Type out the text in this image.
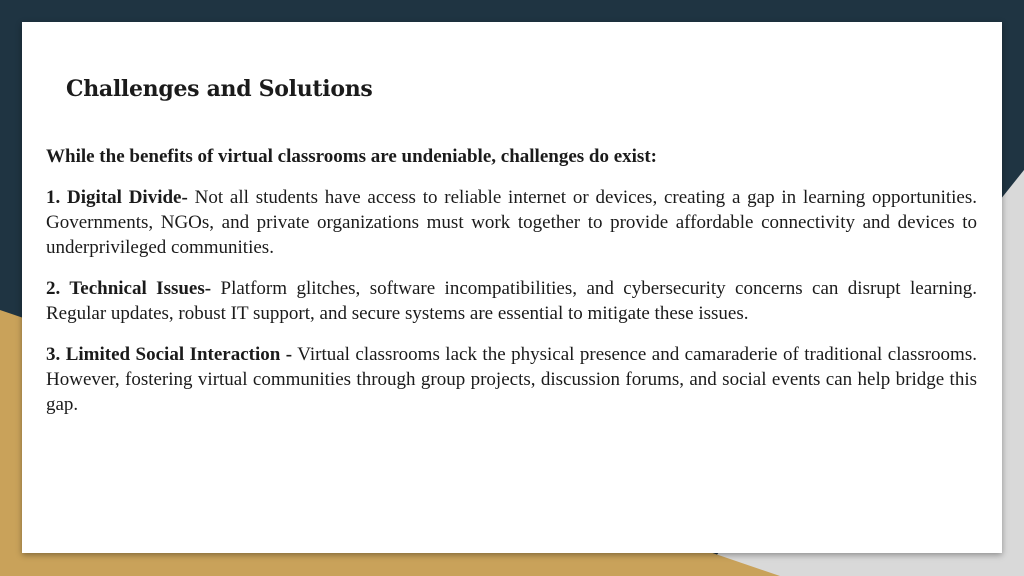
Challenges and Solutions

While the benefits of virtual classrooms are undeniable, challenges do exist:

1. Digital Divide- Not all students have access to reliable internet or devices, creating a gap in learning opportunities. Governments, NGOs, and private organizations must work together to provide affordable connectivity and devices to underprivileged communities.

2. Technical Issues- Platform glitches, software incompatibilities, and cybersecurity concerns can disrupt learning. Regular updates, robust IT support, and secure systems are essential to mitigate these issues.

3. Limited Social Interaction - Virtual classrooms lack the physical presence and camaraderie of traditional classrooms. However, fostering virtual communities through group projects, discussion forums, and social events can help bridge this gap.
